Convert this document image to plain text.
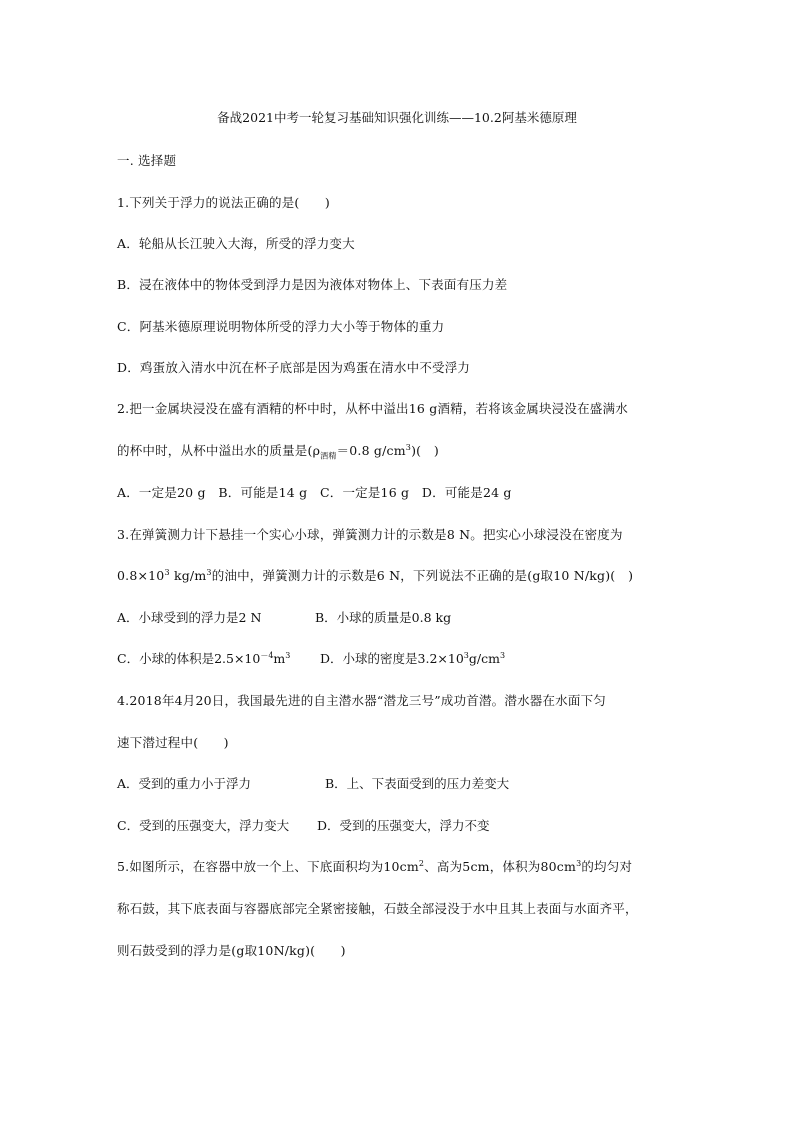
备战2021中考一轮复习基础知识强化训练——10.2阿基米德原理
一. 选择题
1.下列关于浮力的说法正确的是(　　)
A．轮船从长江驶入大海，所受的浮力变大
B．浸在液体中的物体受到浮力是因为液体对物体上、下表面有压力差
C．阿基米德原理说明物体所受的浮力大小等于物体的重力
D．鸡蛋放入清水中沉在杯子底部是因为鸡蛋在清水中不受浮力
2.把一金属块浸没在盛有酒精的杯中时，从杯中溢出16 g酒精，若将该金属块浸没在盛满水
的杯中时，从杯中溢出水的质量是($\rho_{酒精}=0.8$ $g/cm^3$)(　)
A．一定是20 g　B．可能是14 g　C．一定是16 g　D．可能是24 g
3.在弹簧测力计下悬挂一个实心小球，弹簧测力计的示数是8 N。把实心小球浸没在密度为
$0.8\times 10^3$ $kg/m^3$的油中，弹簧测力计的示数是6 N，下列说法不正确的是(g取10 N/kg)(　)
A．小球受到的浮力是2 N	B．小球的质量是0.8 kg
C．小球的体积是$2.5\times 10^{-4}m^3$ D．小球的密度是$3.2\times 10^3g/cm^3$
4.2018年4月20日，我国最先进的自主潜水器“潜龙三号”成功首潜。潜水器在水面下匀
速下潜过程中(　　)
A．受到的重力小于浮力	B．上、下表面受到的压力差变大
C．受到的压强变大，浮力变大 D．受到的压强变大，浮力不变
5.如图所示，在容器中放一个上、下底面积均为$10cm^2$、高为5cm，体积为$80cm^3$的均匀对
称石鼓，其下底表面与容器底部完全紧密接触，石鼓全部浸没于水中且其上表面与水面齐平，
则石鼓受到的浮力是(g取10N/kg)(　　)
